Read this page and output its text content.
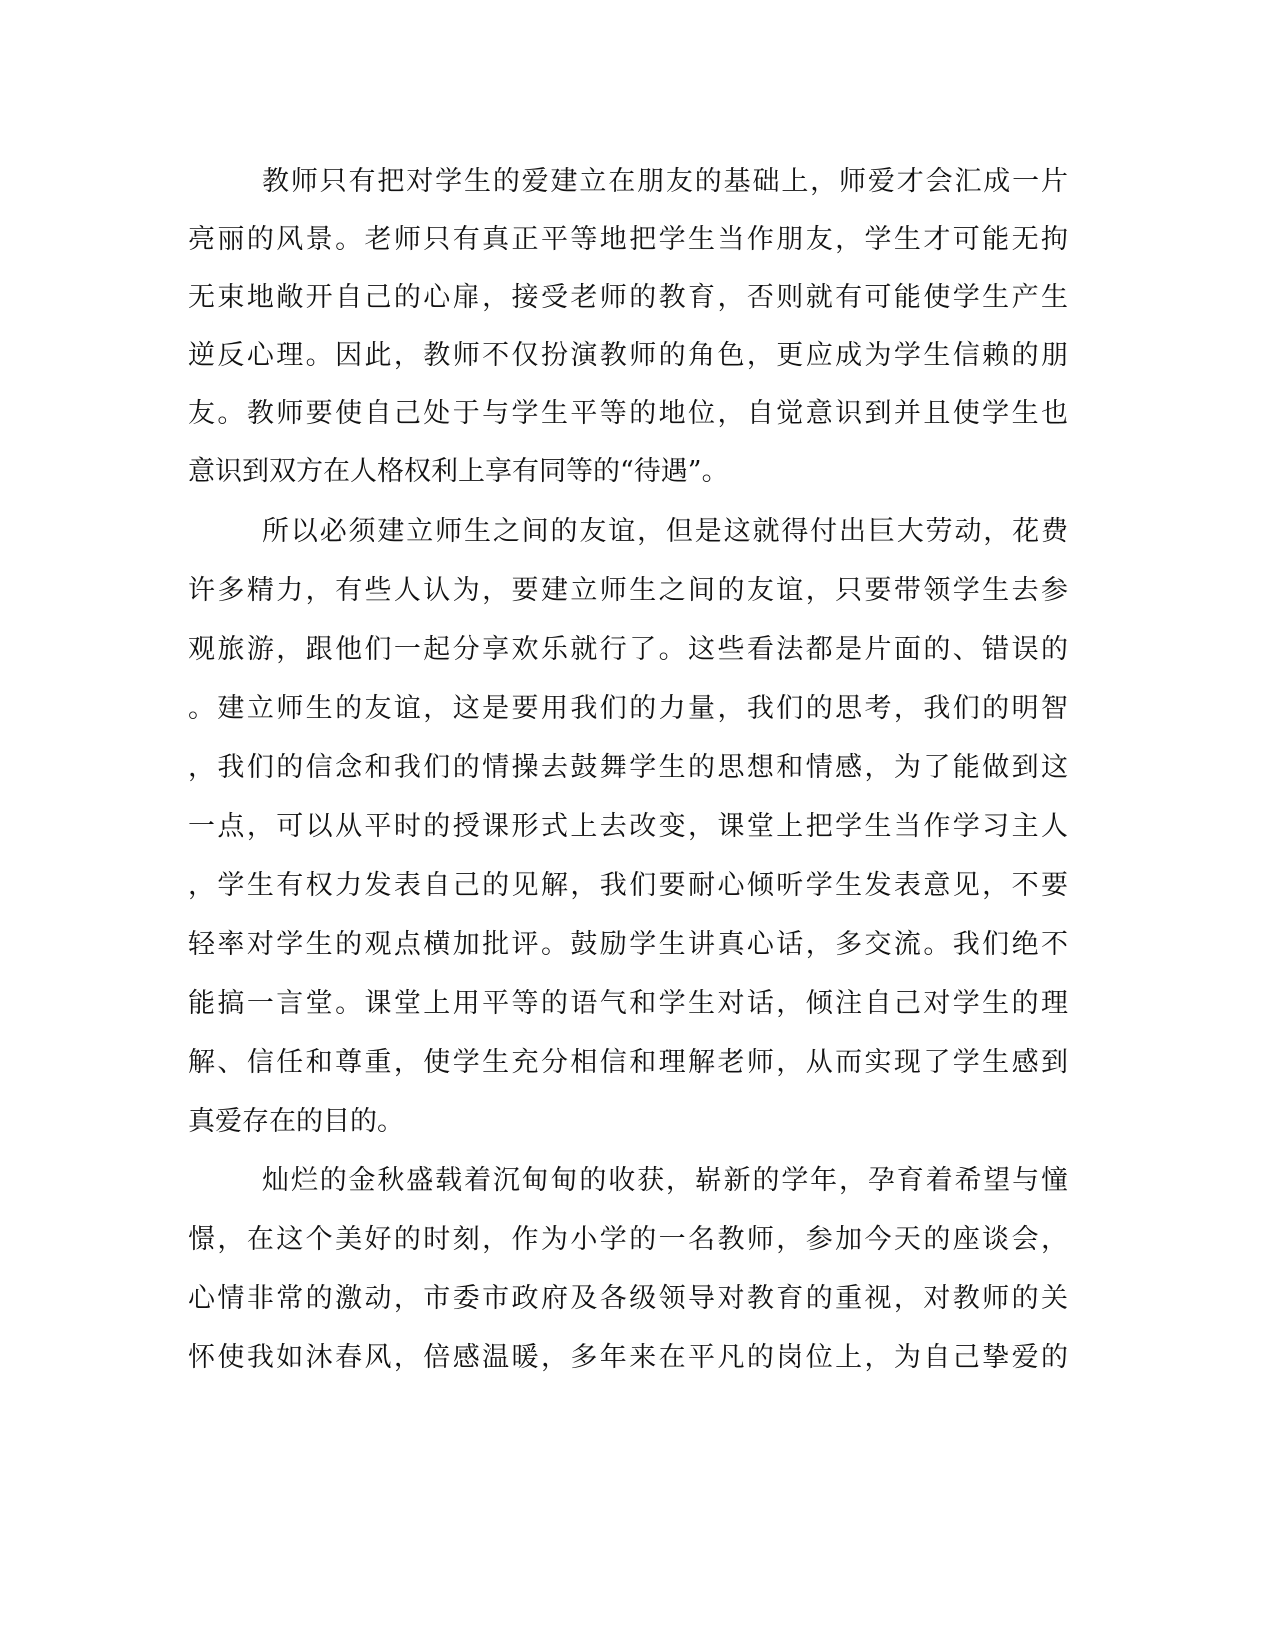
教师只有把对学生的爱建立在朋友的基础上，师爱才会汇成一片
亮丽的风景。老师只有真正平等地把学生当作朋友，学生才可能无拘
无束地敞开自己的心扉，接受老师的教育，否则就有可能使学生产生
逆反心理。因此，教师不仅扮演教师的角色，更应成为学生信赖的朋
友。教师要使自己处于与学生平等的地位，自觉意识到并且使学生也
意识到双方在人格权利上享有同等的“待遇”。
所以必须建立师生之间的友谊，但是这就得付出巨大劳动，花费
许多精力，有些人认为，要建立师生之间的友谊，只要带领学生去参
观旅游，跟他们一起分享欢乐就行了。这些看法都是片面的、错误的
。建立师生的友谊，这是要用我们的力量，我们的思考，我们的明智
，我们的信念和我们的情操去鼓舞学生的思想和情感，为了能做到这
一点，可以从平时的授课形式上去改变，课堂上把学生当作学习主人
，学生有权力发表自己的见解，我们要耐心倾听学生发表意见，不要
轻率对学生的观点横加批评。鼓励学生讲真心话，多交流。我们绝不
能搞一言堂。课堂上用平等的语气和学生对话，倾注自己对学生的理
解、信任和尊重，使学生充分相信和理解老师，从而实现了学生感到
真爱存在的目的。
灿烂的金秋盛载着沉甸甸的收获，崭新的学年，孕育着希望与憧
憬，在这个美好的时刻，作为小学的一名教师，参加今天的座谈会，
心情非常的激动，市委市政府及各级领导对教育的重视，对教师的关
怀使我如沐春风，倍感温暖，多年来在平凡的岗位上，为自己挚爱的
